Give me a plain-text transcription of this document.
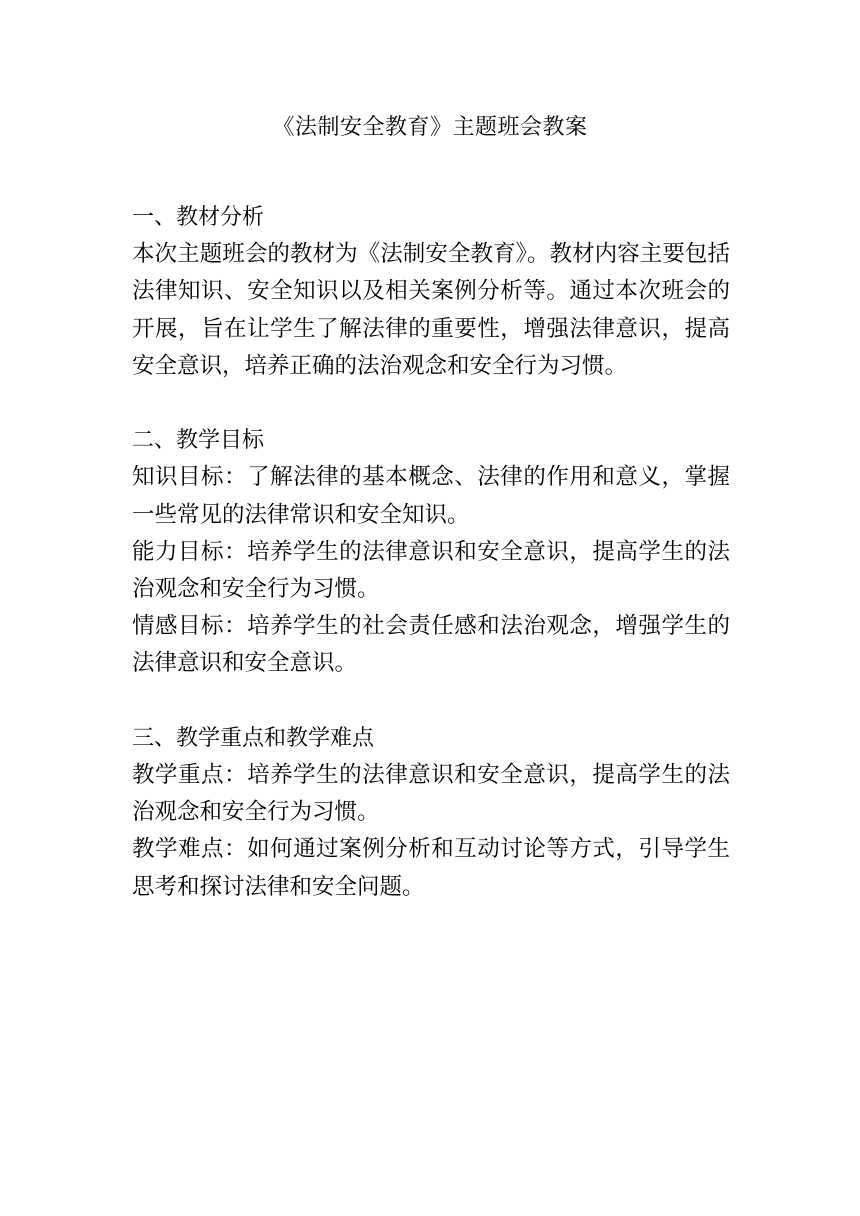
《法制安全教育》主题班会教案

一、教材分析

本次主题班会的教材为《法制安全教育》。教材内容主要包括法律知识、安全知识以及相关案例分析等。通过本次班会的开展，旨在让学生了解法律的重要性，增强法律意识，提高安全意识，培养正确的法治观念和安全行为习惯。

二、教学目标

知识目标：了解法律的基本概念、法律的作用和意义，掌握一些常见的法律常识和安全知识。

能力目标：培养学生的法律意识和安全意识，提高学生的法治观念和安全行为习惯。

情感目标：培养学生的社会责任感和法治观念，增强学生的法律意识和安全意识。

三、教学重点和教学难点

教学重点：培养学生的法律意识和安全意识，提高学生的法治观念和安全行为习惯。

教学难点：如何通过案例分析和互动讨论等方式，引导学生思考和探讨法律和安全问题。
